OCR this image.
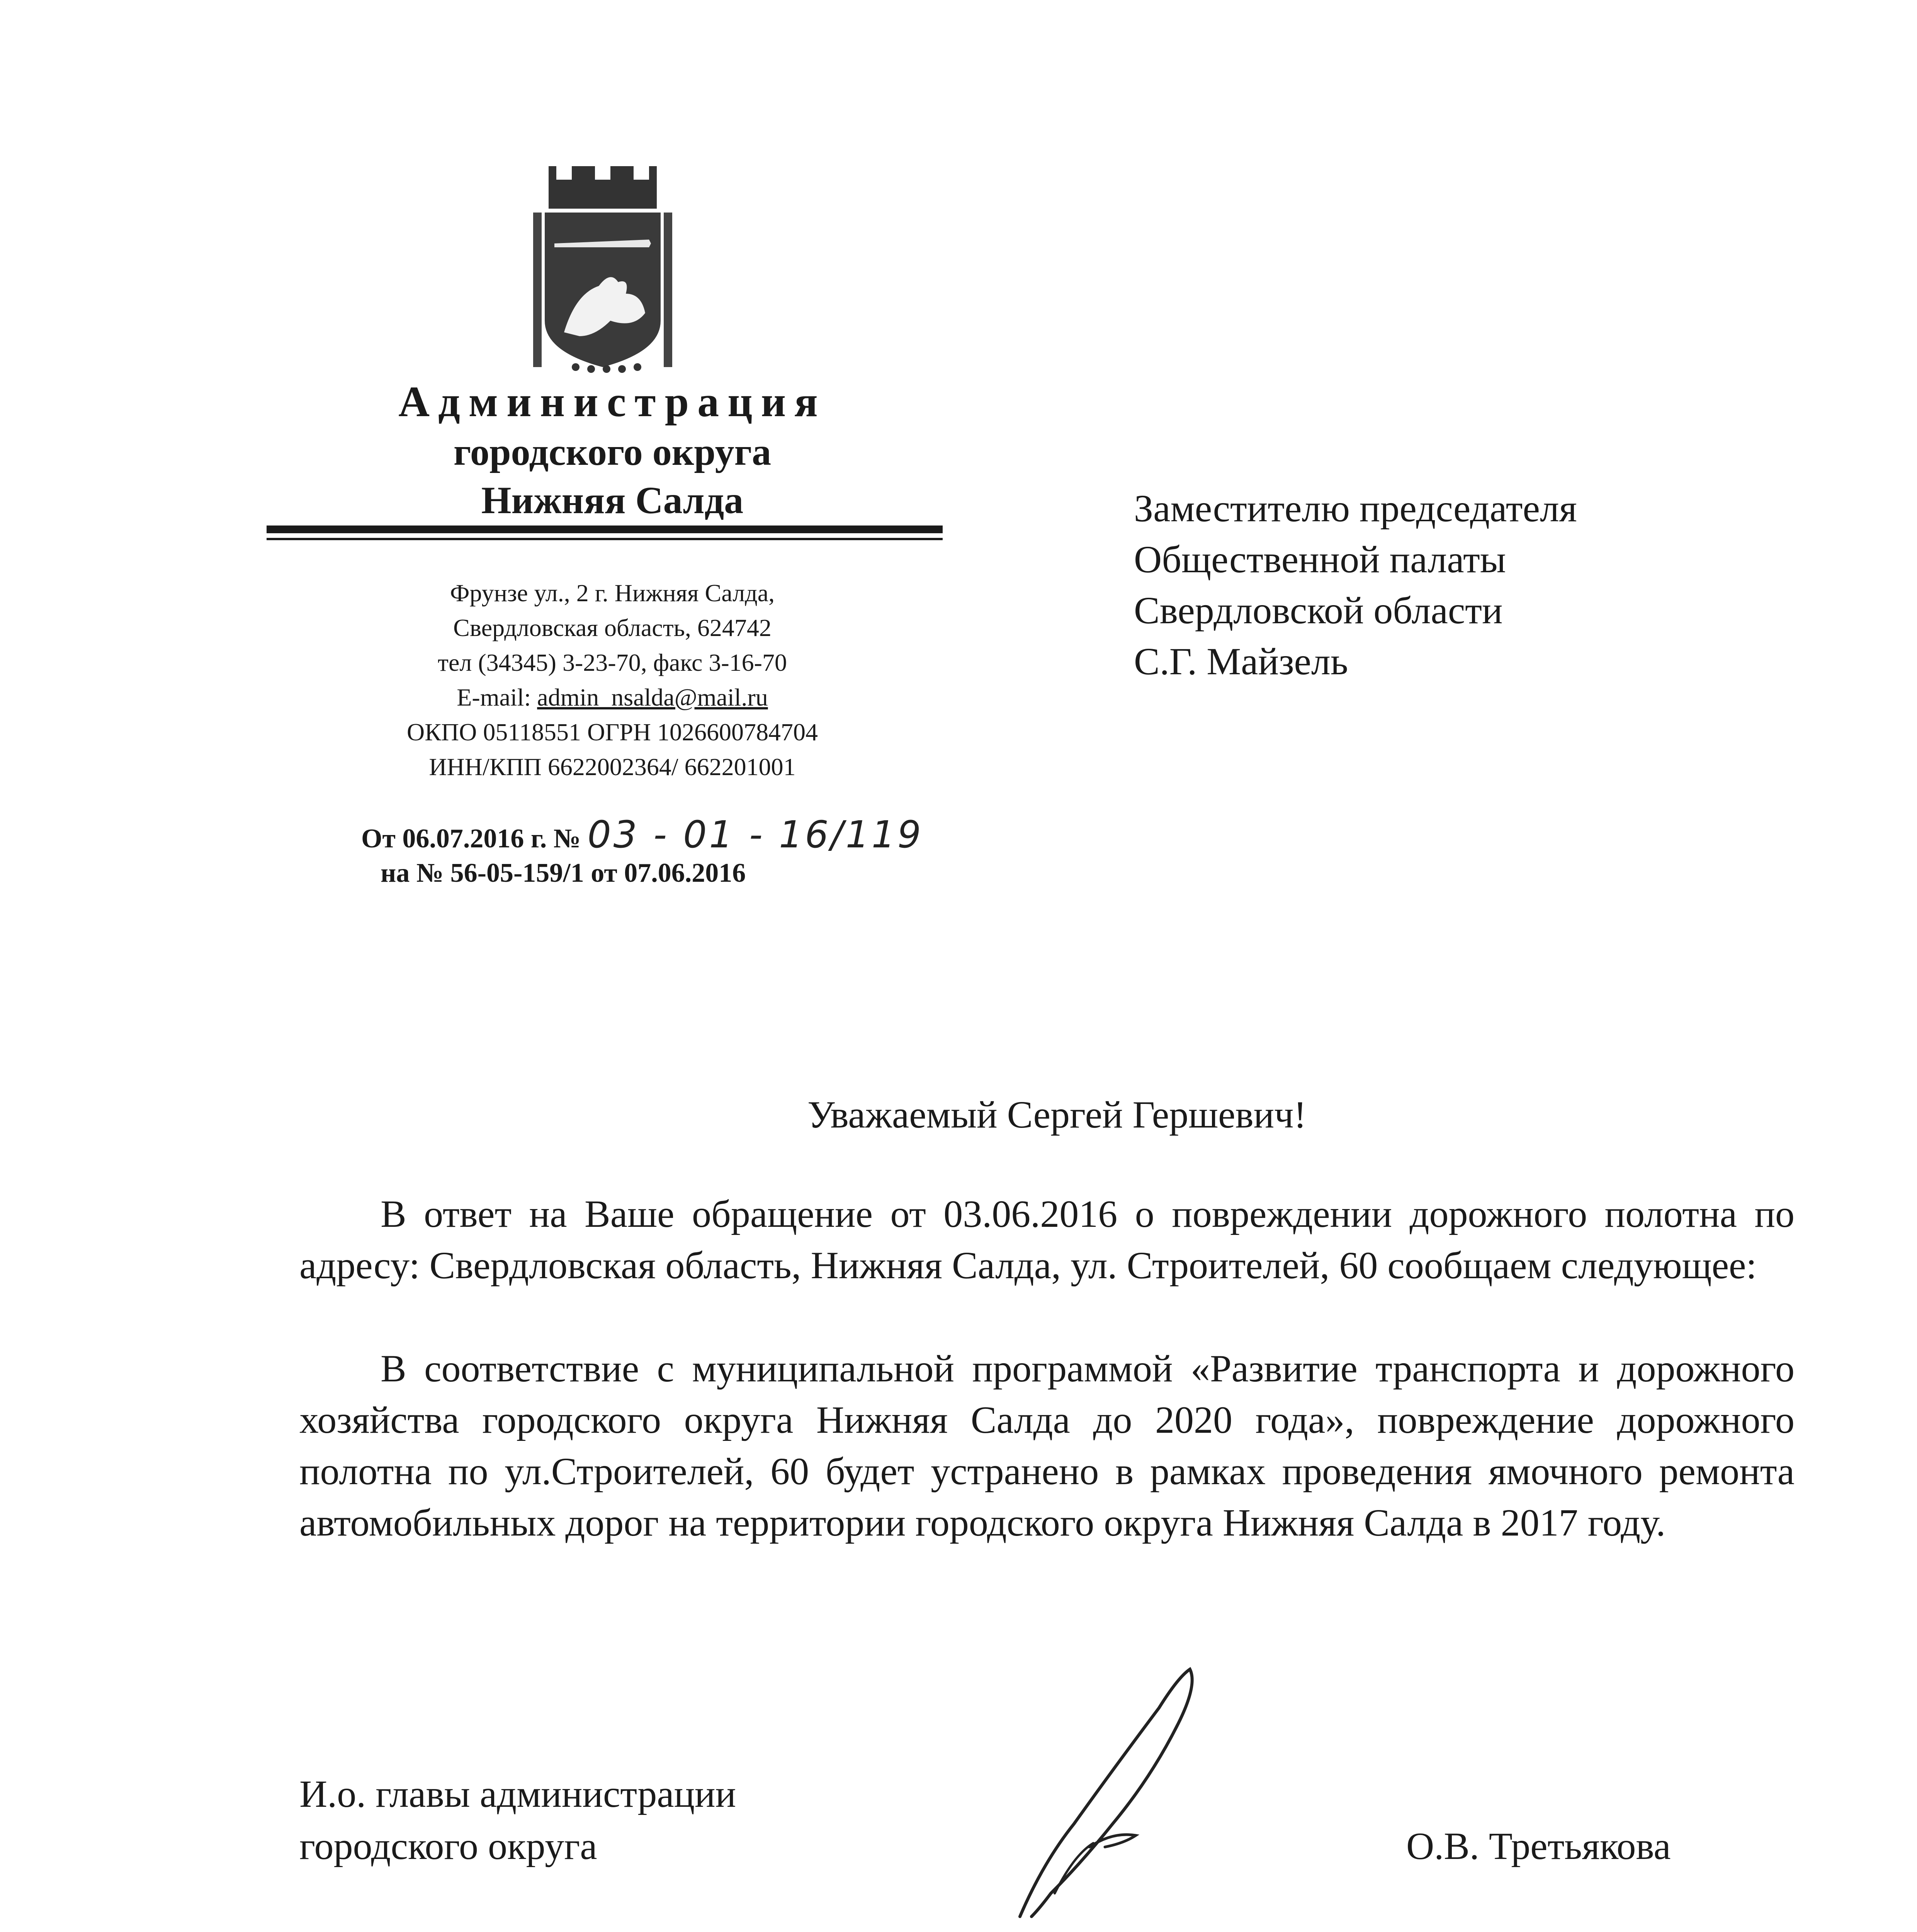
Администрация
городского округа
Нижняя Салда
Фрунзе ул., 2 г. Нижняя Салда,
Свердловская область, 624742
тел (34345) 3-23-70, факс 3-16-70
E-mail: admin_nsalda@mail.ru
ОКПО 05118551 ОГРН 1026600784704
ИНН/КПП 6622002364/ 662201001
От 06.07.2016 г. № 03 - 01 - 16/119
на № 56-05-159/1 от 07.06.2016
Заместителю председателя
Общественной палаты
Свердловской области
С.Г. Майзель
Уважаемый Сергей Гершевич!
В ответ на Ваше обращение от 03.06.2016 о повреждении дорожного полотна по адресу: Свердловская область, Нижняя Салда, ул. Строителей, 60 сообщаем следующее:
В соответствие с муниципальной программой «Развитие транспорта и дорожного хозяйства городского округа Нижняя Салда до 2020 года», повреждение дорожного полотна по ул.Строителей, 60 будет устранено в рамках проведения ямочного ремонта автомобильных дорог на территории городского округа Нижняя Салда в 2017 году.
И.о. главы администрации
городского округа	О.В. Третьякова
